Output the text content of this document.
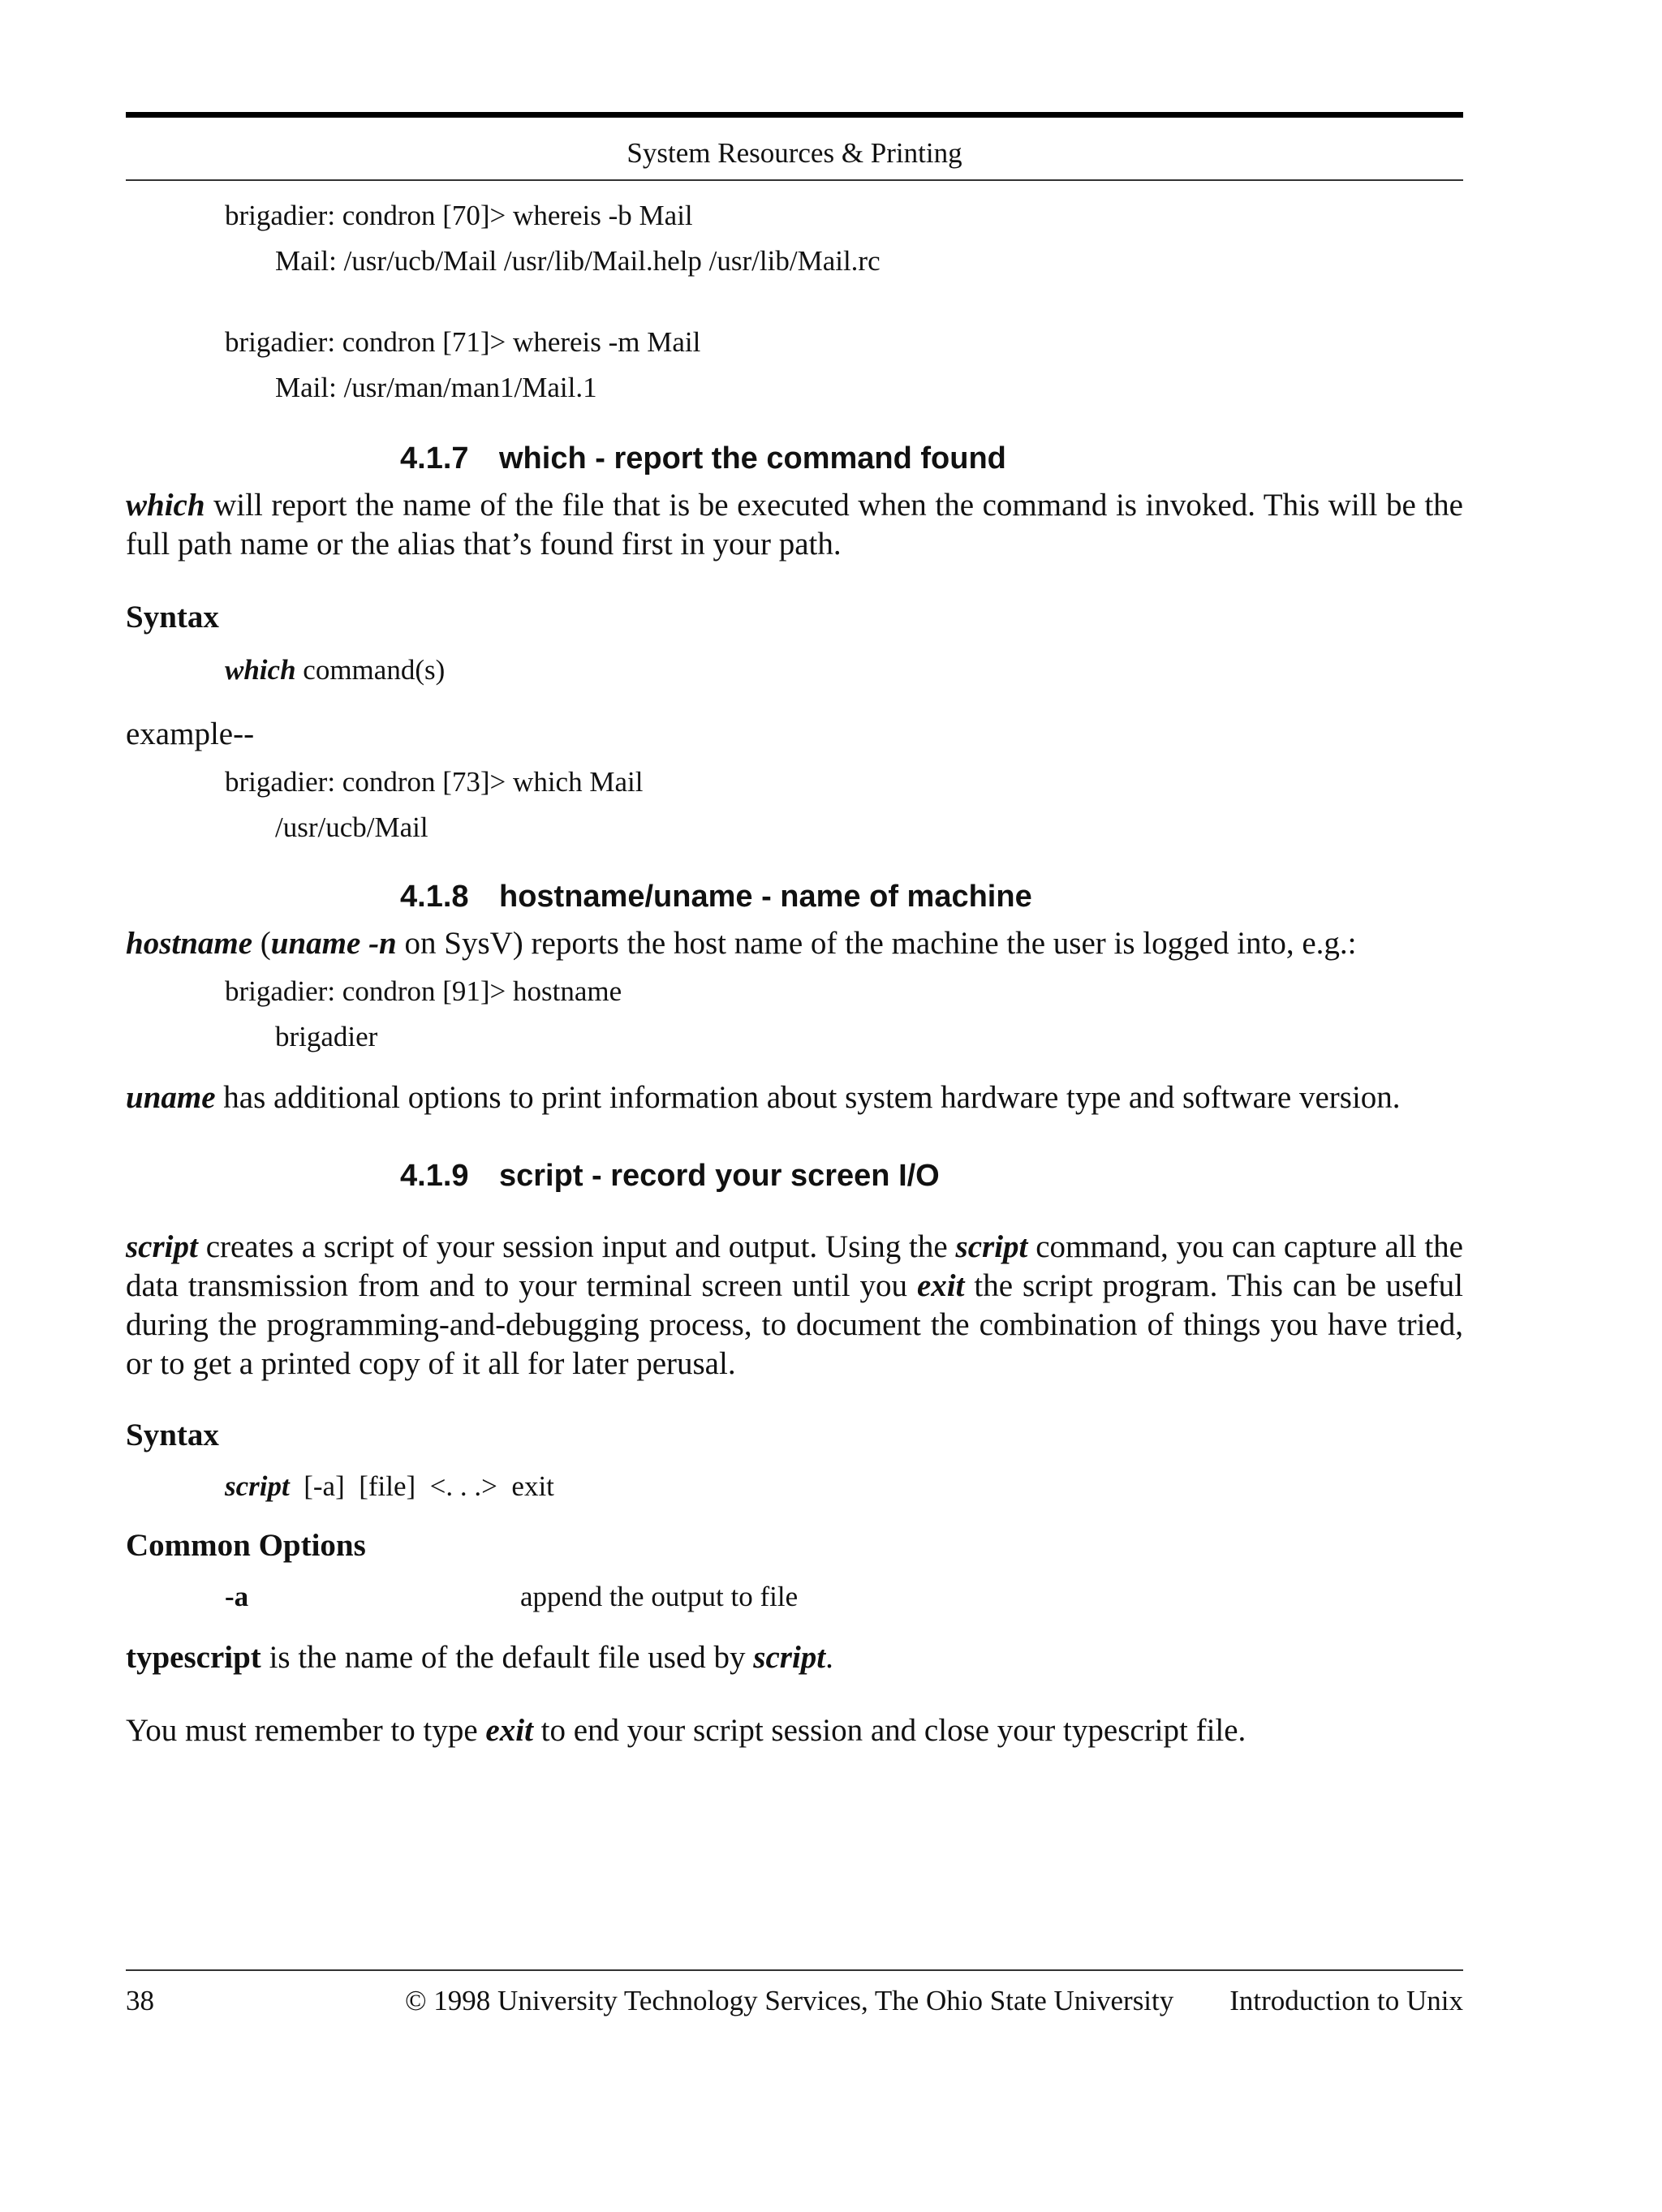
System Resources & Printing
brigadier: condron [70]> whereis -b Mail
Mail: /usr/ucb/Mail /usr/lib/Mail.help /usr/lib/Mail.rc
brigadier: condron [71]> whereis -m Mail
Mail: /usr/man/man1/Mail.1
4.1.7 which - report the command found

which will report the name of the file that is be executed when the command is invoked. This will be the full path name or the alias that’s found first in your path.

Syntax
which command(s)

example--

brigadier: condron [73]> which Mail
/usr/ucb/Mail
4.1.8 hostname/uname - name of machine

hostname (uname -n on SysV) reports the host name of the machine the user is logged into, e.g.:

brigadier: condron [91]> hostname
brigadier

uname has additional options to print information about system hardware type and software version.

4.1.9 script - record your screen I/O

script creates a script of your session input and output. Using the script command, you can capture all the data transmission from and to your terminal screen until you exit the script program. This can be useful during the programming-and-debugging process, to document the combination of things you have tried, or to get a printed copy of it all for later perusal.

Syntax
script  [-a]  [file]  <. . .>  exit
Common Options
-a	append the output to file

typescript is the name of the default file used by script.

You must remember to type exit to end your script session and close your typescript file.

38	© 1998 University Technology Services, The Ohio State University Introduction to Unix
